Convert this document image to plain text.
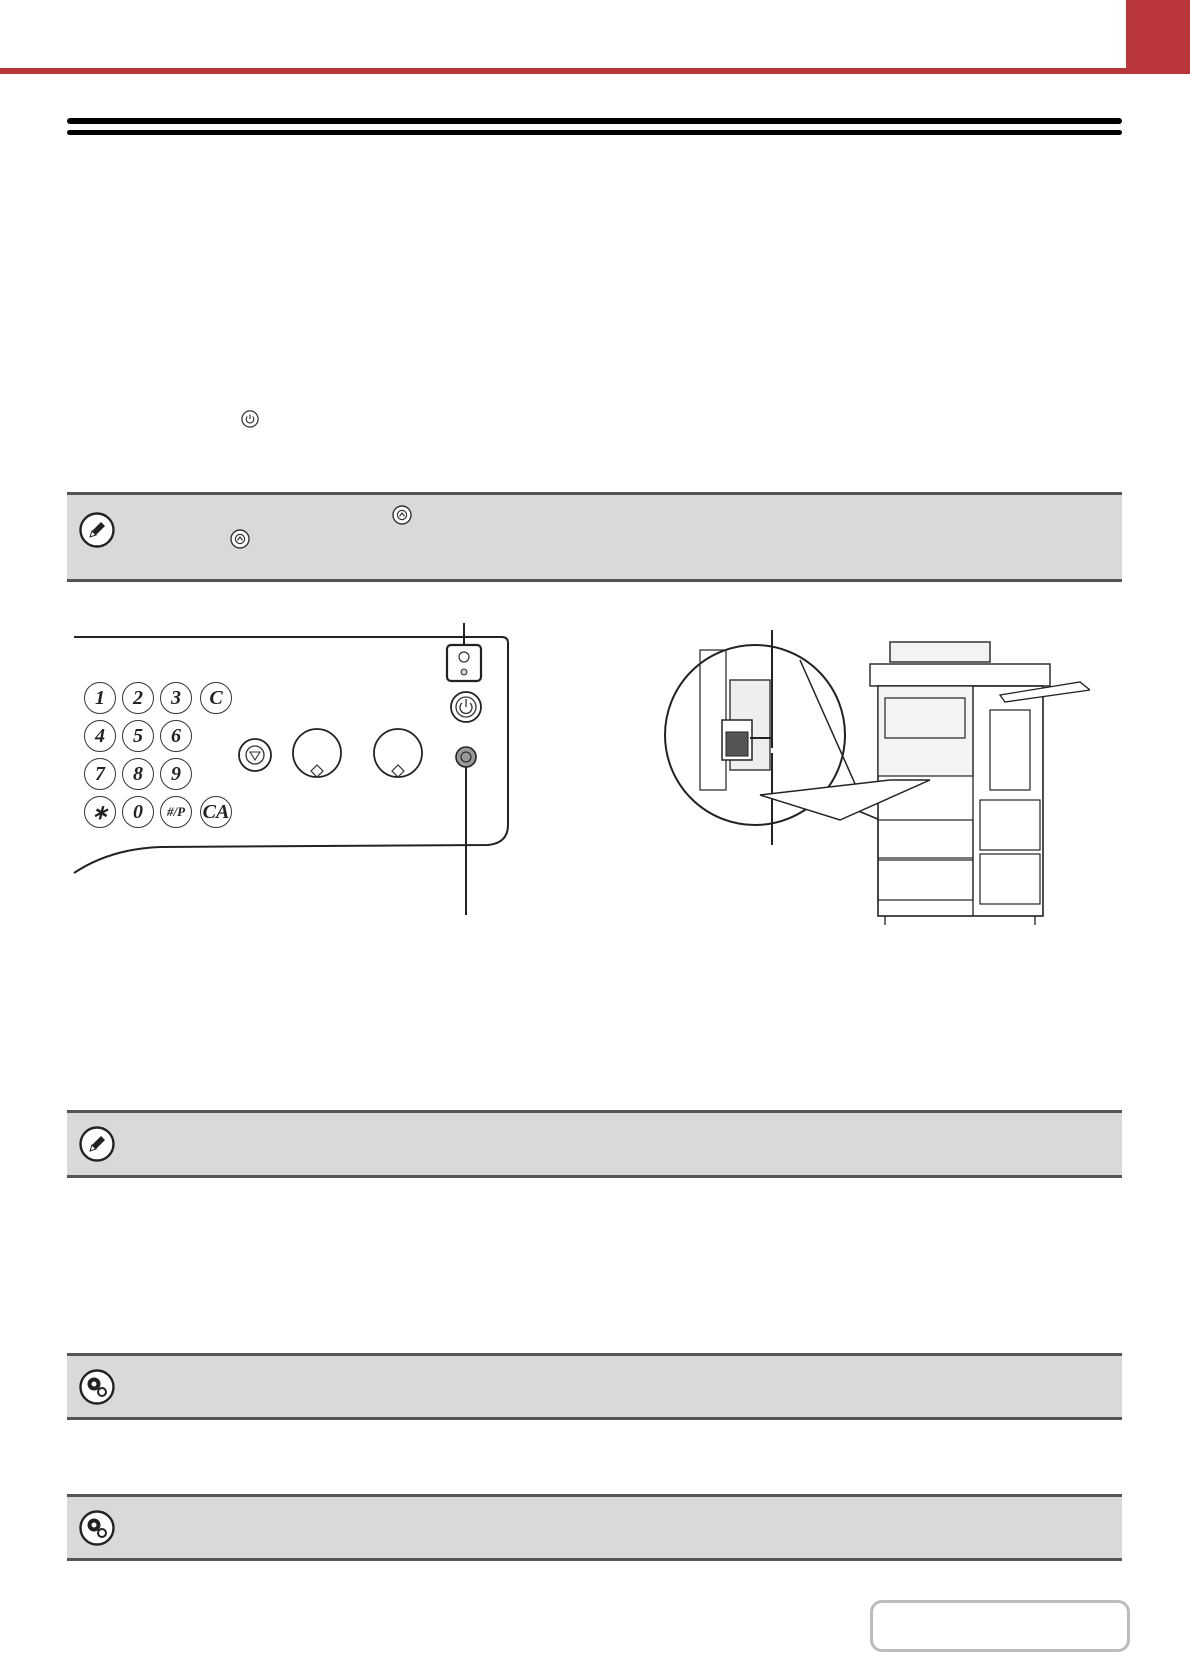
1	2	3	C
4	5	6
7	8	9
∗	0	#/P CA
